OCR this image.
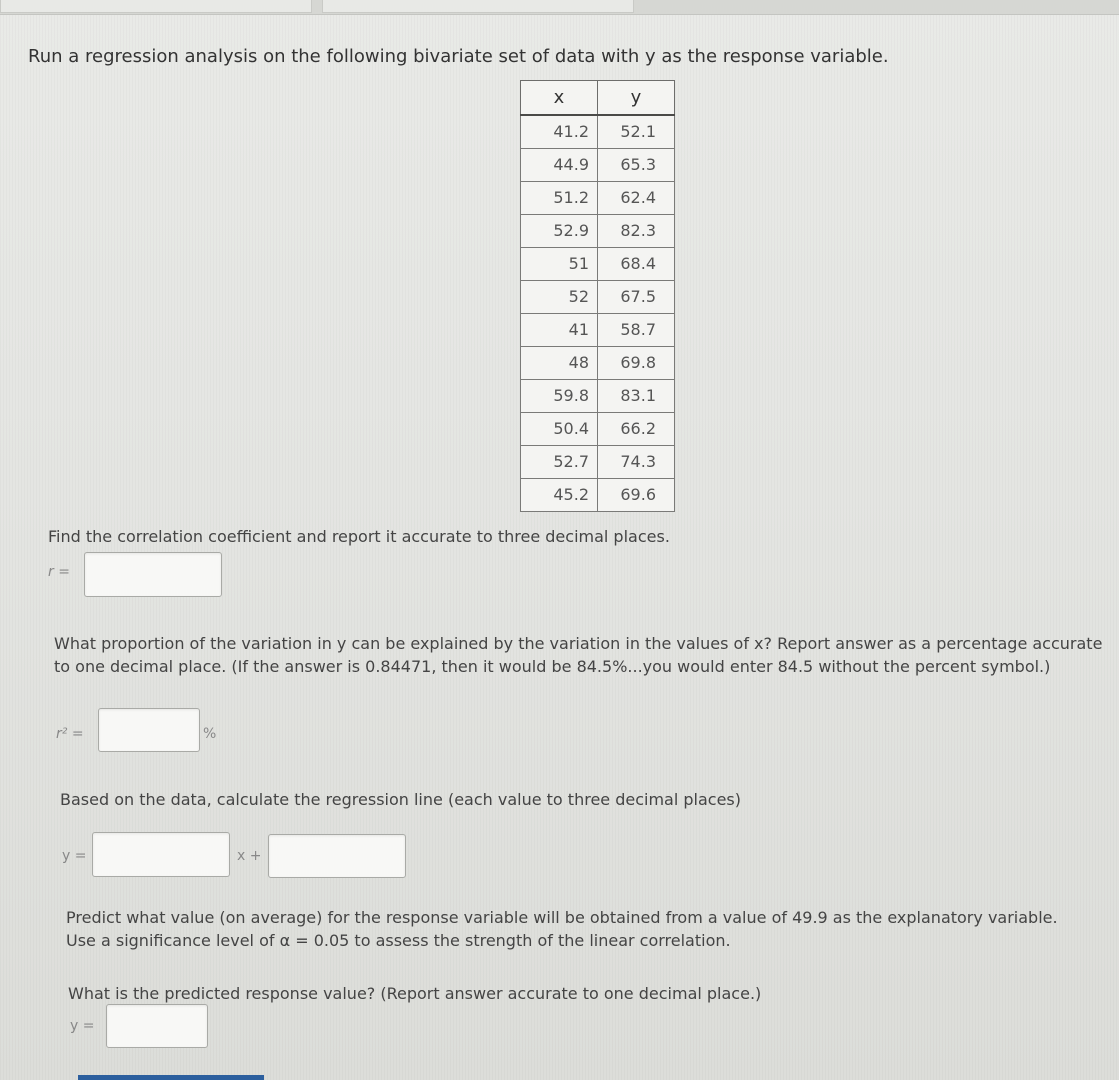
Run a regression analysis on the following bivariate set of data with y as the response variable.

x	y
41.2	52.1
44.9	65.3
51.2	62.4
52.9	82.3
51	68.4
52	67.5
41	58.7
48	69.8
59.8	83.1
50.4	66.2
52.7	74.3
45.2	69.6

Find the correlation coefficient and report it accurate to three decimal places.

r =

What proportion of the variation in y can be explained by the variation in the values of x? Report answer as a percentage accurate to one decimal place. (If the answer is 0.84471, then it would be 84.5%...you would enter 84.5 without the percent symbol.)

r² =	%

Based on the data, calculate the regression line (each value to three decimal places)

y =	x +

Predict what value (on average) for the response variable will be obtained from a value of 49.9 as the explanatory variable. Use a significance level of α = 0.05 to assess the strength of the linear correlation.

What is the predicted response value? (Report answer accurate to one decimal place.)

y =
